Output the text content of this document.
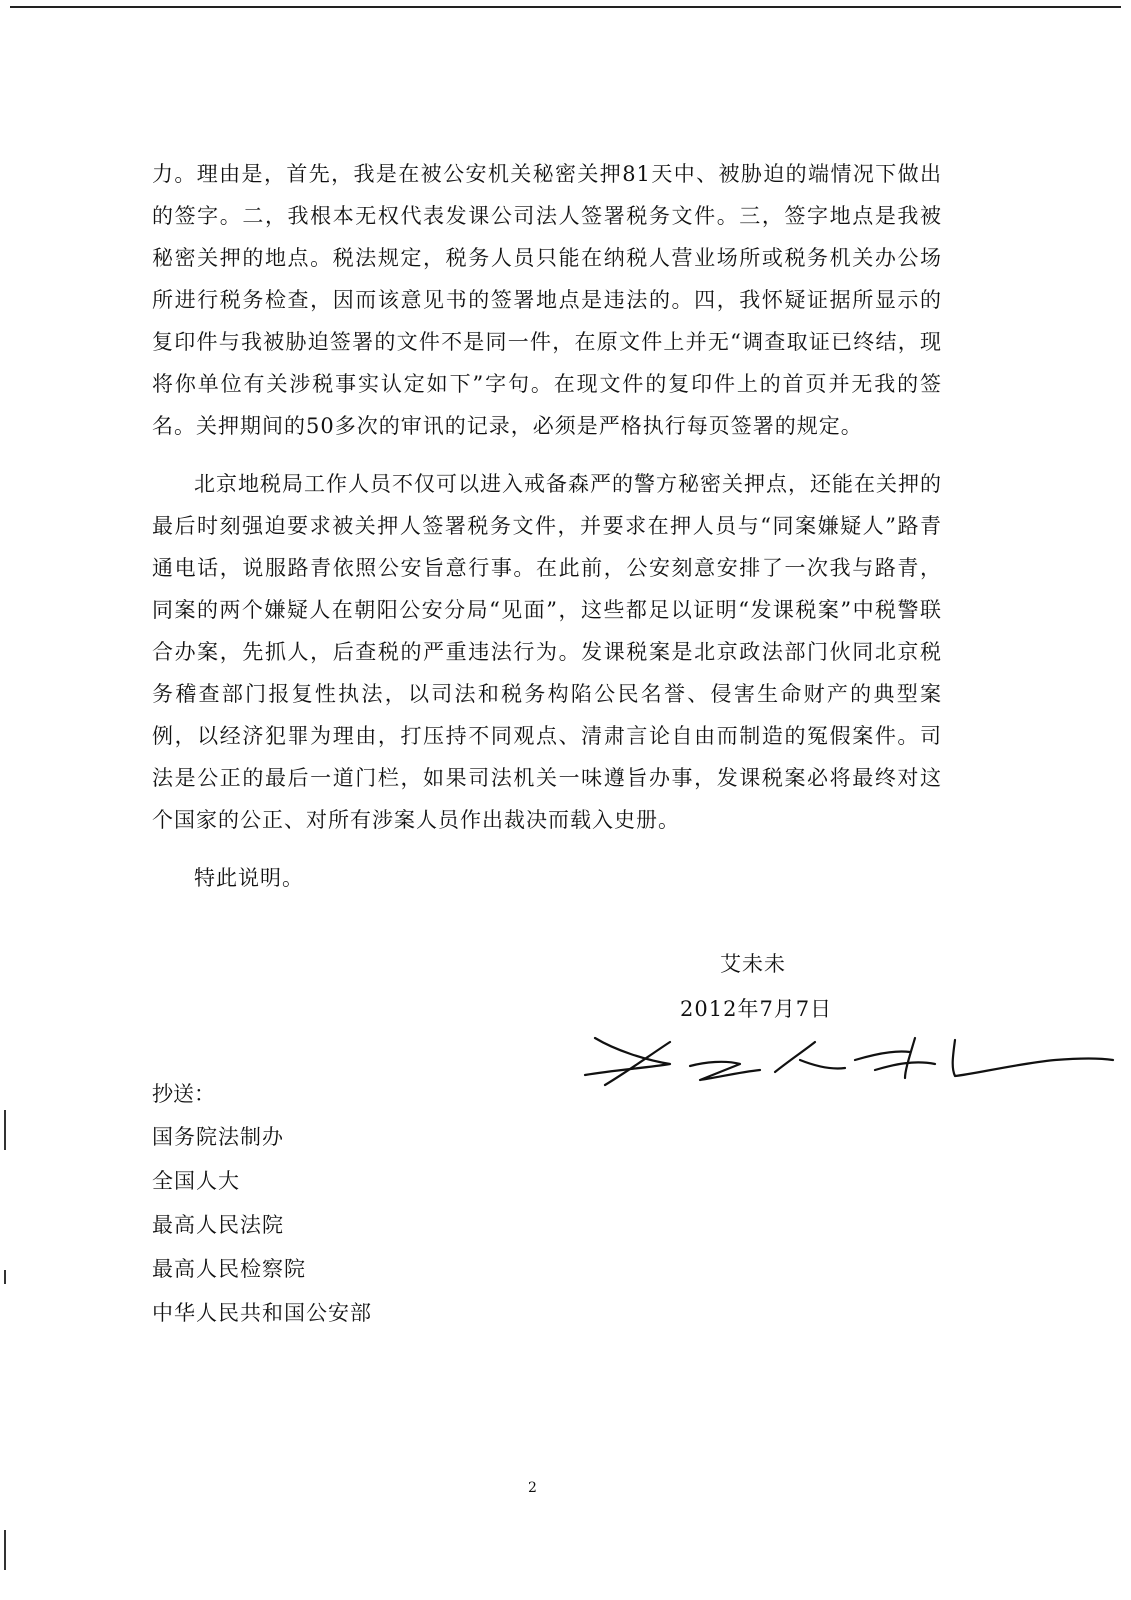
力。理由是，首先，我是在被公安机关秘密关押81天中、被胁迫的端情况下做出的签字。二，我根本无权代表发课公司法人签署税务文件。三，签字地点是我被秘密关押的地点。税法规定，税务人员只能在纳税人营业场所或税务机关办公场所进行税务检查，因而该意见书的签署地点是违法的。四，我怀疑证据所显示的复印件与我被胁迫签署的文件不是同一件，在原文件上并无“调查取证已终结，现将你单位有关涉税事实认定如下”字句。在现文件的复印件上的首页并无我的签名。关押期间的50多次的审讯的记录，必须是严格执行每页签署的规定。

北京地税局工作人员不仅可以进入戒备森严的警方秘密关押点，还能在关押的最后时刻强迫要求被关押人签署税务文件，并要求在押人员与“同案嫌疑人”路青通电话，说服路青依照公安旨意行事。在此前，公安刻意安排了一次我与路青，同案的两个嫌疑人在朝阳公安分局“见面”，这些都足以证明“发课税案”中税警联合办案，先抓人，后查税的严重违法行为。发课税案是北京政法部门伙同北京税务稽查部门报复性执法，以司法和税务构陷公民名誉、侵害生命财产的典型案例，以经济犯罪为理由，打压持不同观点、清肃言论自由而制造的冤假案件。司法是公正的最后一道门栏，如果司法机关一味遵旨办事，发课税案必将最终对这个国家的公正、对所有涉案人员作出裁决而载入史册。

特此说明。

艾未未
2012年7月7日
抄送：
国务院法制办
全国人大
最高人民法院
最高人民检察院
中华人民共和国公安部
2
